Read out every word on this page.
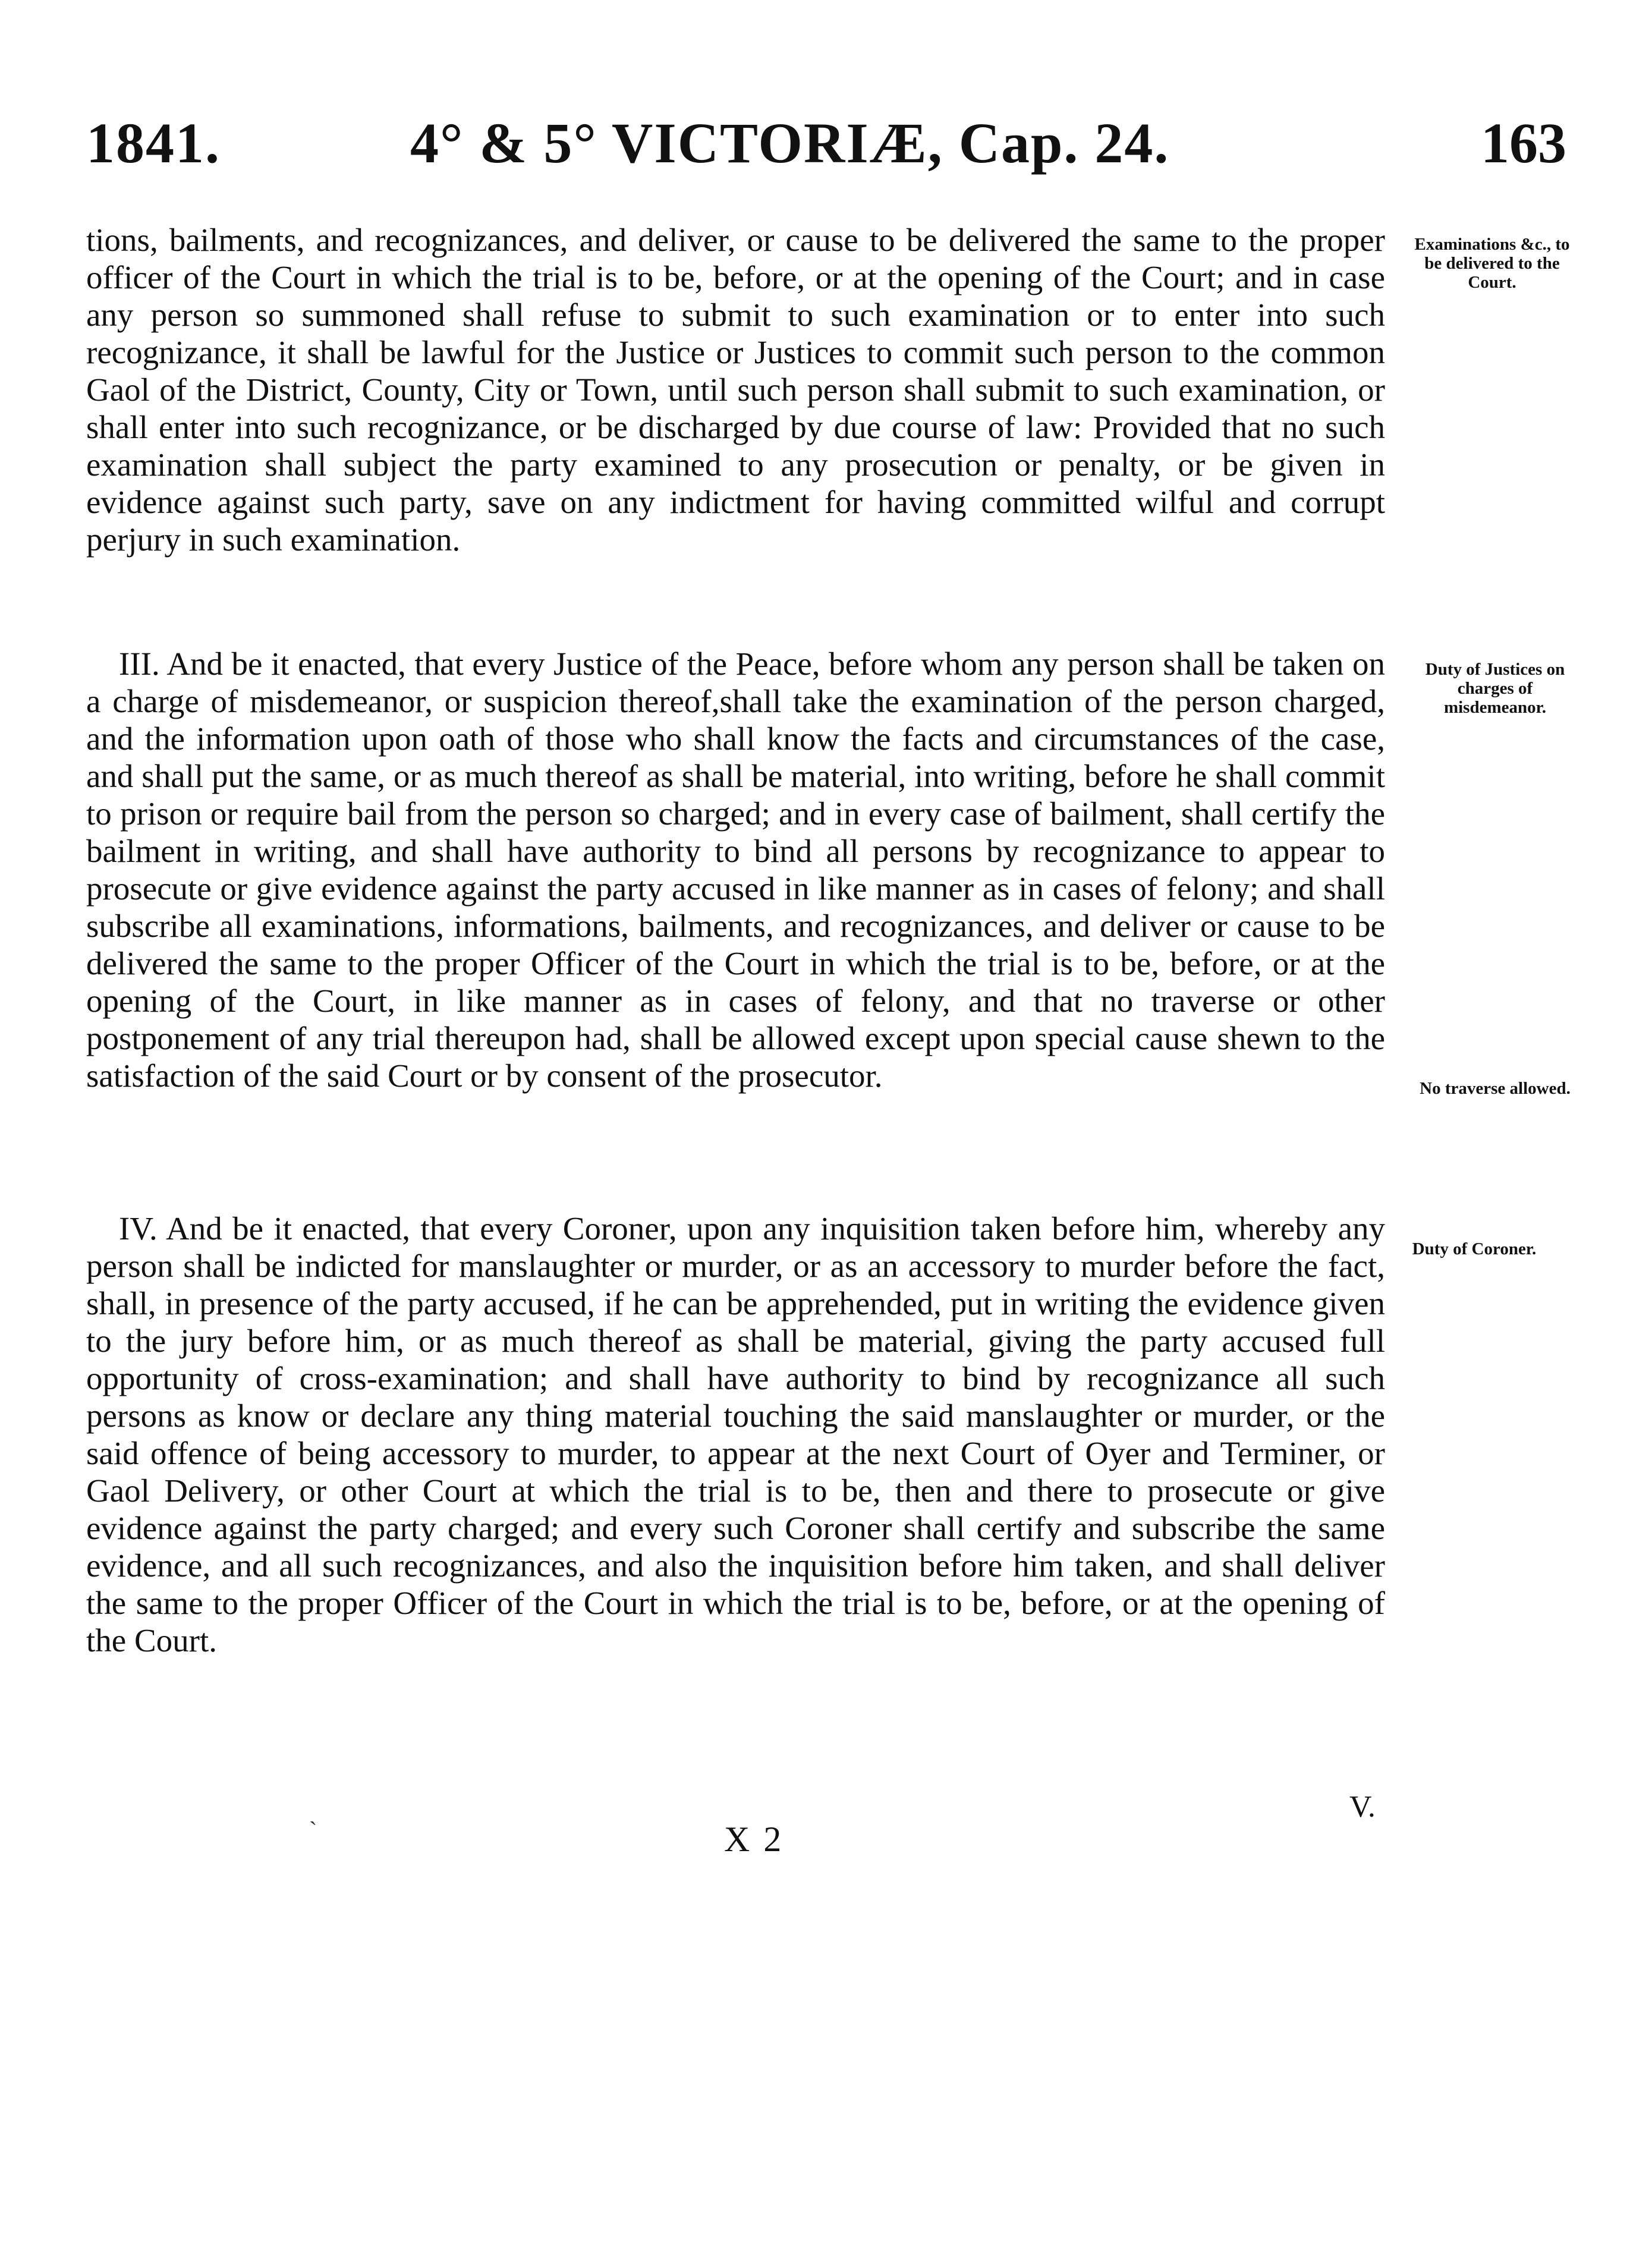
1841.	4° & 5° VICTORIÆ, Cap. 24.	163
tions, bailments, and recognizances, and deliver, or cause to be delivered the same to the proper officer of the Court in which the trial is to be, before, or at the opening of the Court; and in case any person so summoned shall refuse to submit to such examination or to enter into such recognizance, it shall be lawful for the Justice or Justices to commit such person to the common Gaol of the District, County, City or Town, until such person shall submit to such examination, or shall enter into such recognizance, or be discharged by due course of law: Provided that no such examination shall subject the party examined to any prosecution or penalty, or be given in evidence against such party, save on any indictment for having committed wilful and corrupt perjury in such examination.
Examinations &c., to be delivered to the Court.
III. And be it enacted, that every Justice of the Peace, before whom any person shall be taken on a charge of misdemeanor, or suspicion thereof,shall take the examination of the person charged, and the information upon oath of those who shall know the facts and circumstances of the case, and shall put the same, or as much thereof as shall be material, into writing, before he shall commit to prison or require bail from the person so charged; and in every case of bailment, shall certify the bailment in writing, and shall have authority to bind all persons by recognizance to appear to prosecute or give evidence against the party accused in like manner as in cases of felony; and shall subscribe all examinations, informations, bailments, and recognizances, and deliver or cause to be delivered the same to the proper Officer of the Court in which the trial is to be, before, or at the opening of the Court, in like manner as in cases of felony, and that no traverse or other postponement of any trial thereupon had, shall be allowed except upon special cause shewn to the satisfaction of the said Court or by consent of the prosecutor.
Duty of Justices on charges of misdemeanor.
No traverse allowed.
IV. And be it enacted, that every Coroner, upon any inquisition taken before him, whereby any person shall be indicted for manslaughter or murder, or as an accessory to murder before the fact, shall, in presence of the party accused, if he can be apprehended, put in writing the evidence given to the jury before him, or as much thereof as shall be material, giving the party accused full opportunity of cross-examination; and shall have authority to bind by recognizance all such persons as know or declare any thing material touching the said manslaughter or murder, or the said offence of being accessory to murder, to appear at the next Court of Oyer and Terminer, or Gaol Delivery, or other Court at which the trial is to be, then and there to prosecute or give evidence against the party charged; and every such Coroner shall certify and subscribe the same evidence, and all such recognizances, and also the inquisition before him taken, and shall deliver the same to the proper Officer of the Court in which the trial is to be, before, or at the opening of the Court.
Duty of Coroner.
`	X 2
V.
